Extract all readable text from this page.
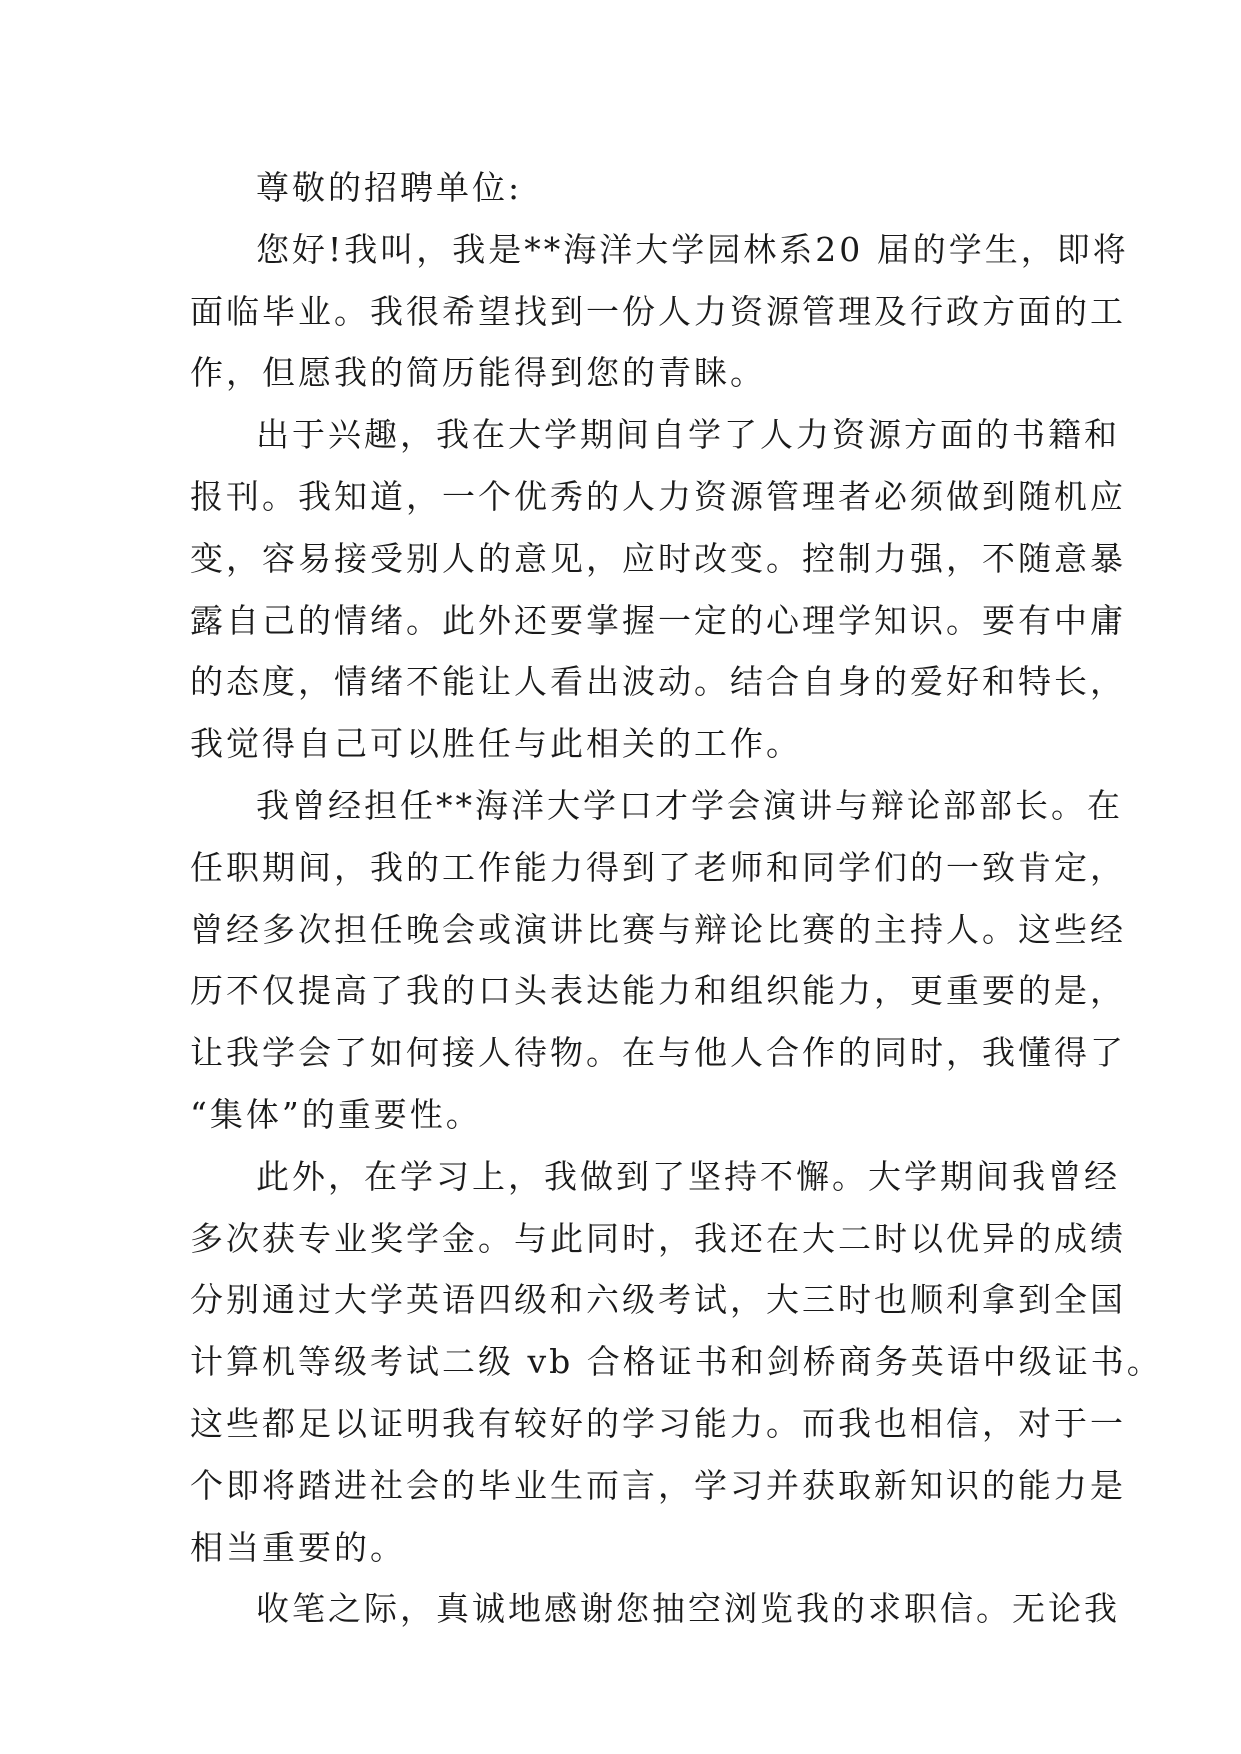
尊敬的招聘单位:
您好!我叫，我是**海洋大学园林系20 届的学生，即将
面临毕业。我很希望找到一份人力资源管理及行政方面的工
作，但愿我的简历能得到您的青睐。
出于兴趣，我在大学期间自学了人力资源方面的书籍和
报刊。我知道，一个优秀的人力资源管理者必须做到随机应
变，容易接受别人的意见，应时改变。控制力强，不随意暴
露自己的情绪。此外还要掌握一定的心理学知识。要有中庸
的态度，情绪不能让人看出波动。结合自身的爱好和特长，
我觉得自己可以胜任与此相关的工作。
我曾经担任**海洋大学口才学会演讲与辩论部部长。在
任职期间，我的工作能力得到了老师和同学们的一致肯定，
曾经多次担任晚会或演讲比赛与辩论比赛的主持人。这些经
历不仅提高了我的口头表达能力和组织能力，更重要的是，
让我学会了如何接人待物。在与他人合作的同时，我懂得了
“集体”的重要性。
此外，在学习上，我做到了坚持不懈。大学期间我曾经
多次获专业奖学金。与此同时，我还在大二时以优异的成绩
分别通过大学英语四级和六级考试，大三时也顺利拿到全国
计算机等级考试二级 vb 合格证书和剑桥商务英语中级证书。
这些都足以证明我有较好的学习能力。而我也相信，对于一
个即将踏进社会的毕业生而言，学习并获取新知识的能力是
相当重要的。
收笔之际，真诚地感谢您抽空浏览我的求职信。无论我
